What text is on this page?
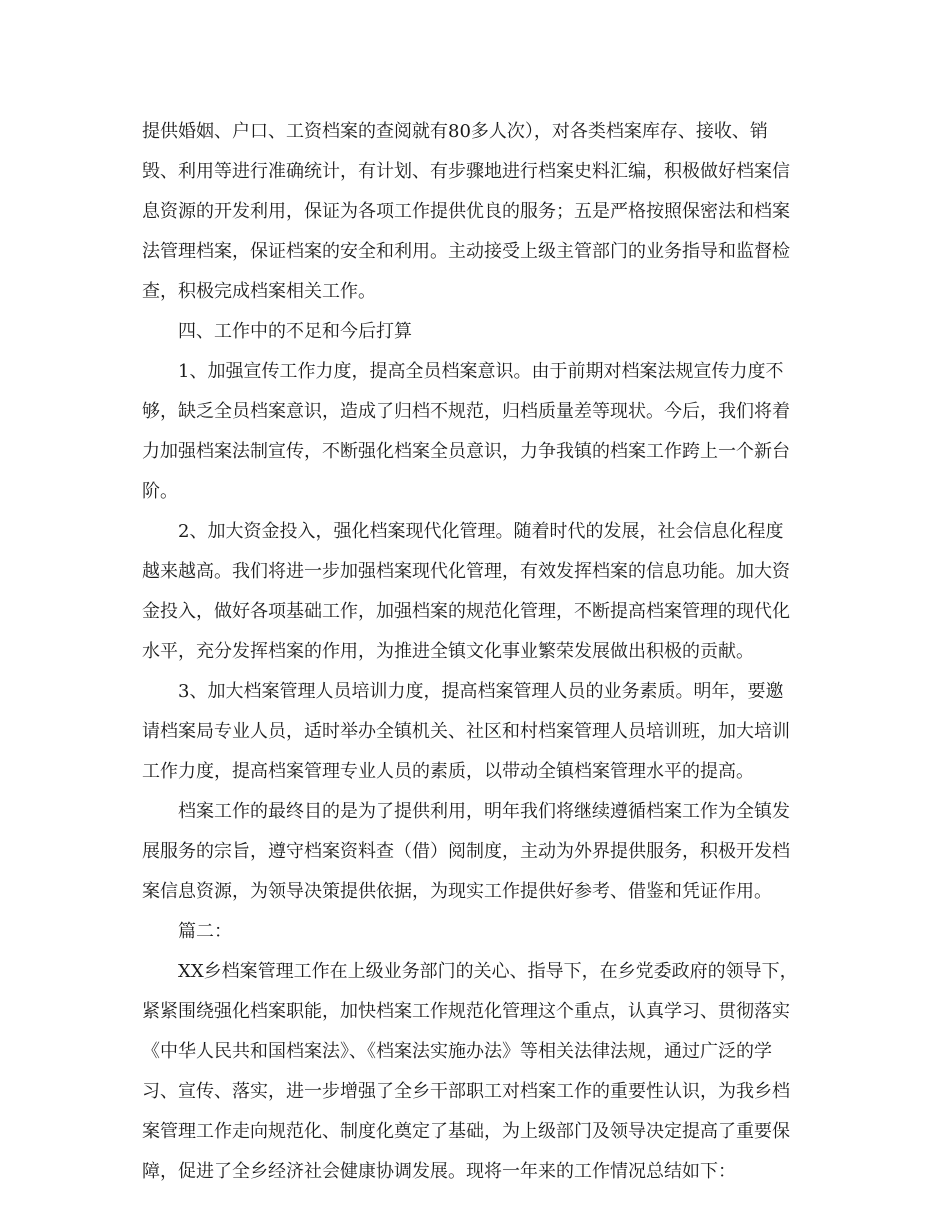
提供婚姻、户口、工资档案的查阅就有80多人次），对各类档案库存、接收、销
毁、利用等进行准确统计，有计划、有步骤地进行档案史料汇编，积极做好档案信
息资源的开发利用，保证为各项工作提供优良的服务；五是严格按照保密法和档案
法管理档案，保证档案的安全和利用。主动接受上级主管部门的业务指导和监督检
查，积极完成档案相关工作。
四、工作中的不足和今后打算
1、加强宣传工作力度，提高全员档案意识。由于前期对档案法规宣传力度不
够，缺乏全员档案意识，造成了归档不规范，归档质量差等现状。今后，我们将着
力加强档案法制宣传，不断强化档案全员意识，力争我镇的档案工作跨上一个新台
阶。
2、加大资金投入，强化档案现代化管理。随着时代的发展，社会信息化程度
越来越高。我们将进一步加强档案现代化管理，有效发挥档案的信息功能。加大资
金投入，做好各项基础工作，加强档案的规范化管理，不断提高档案管理的现代化
水平，充分发挥档案的作用，为推进全镇文化事业繁荣发展做出积极的贡献。
3、加大档案管理人员培训力度，提高档案管理人员的业务素质。明年，要邀
请档案局专业人员，适时举办全镇机关、社区和村档案管理人员培训班，加大培训
工作力度，提高档案管理专业人员的素质，以带动全镇档案管理水平的提高。
档案工作的最终目的是为了提供利用，明年我们将继续遵循档案工作为全镇发
展服务的宗旨，遵守档案资料查（借）阅制度，主动为外界提供服务，积极开发档
案信息资源，为领导决策提供依据，为现实工作提供好参考、借鉴和凭证作用。
篇二：
XX乡档案管理工作在上级业务部门的关心、指导下，在乡党委政府的领导下，
紧紧围绕强化档案职能，加快档案工作规范化管理这个重点，认真学习、贯彻落实
《中华人民共和国档案法》、《档案法实施办法》等相关法律法规，通过广泛的学
习、宣传、落实，进一步增强了全乡干部职工对档案工作的重要性认识，为我乡档
案管理工作走向规范化、制度化奠定了基础，为上级部门及领导决定提高了重要保
障，促进了全乡经济社会健康协调发展。现将一年来的工作情况总结如下：
